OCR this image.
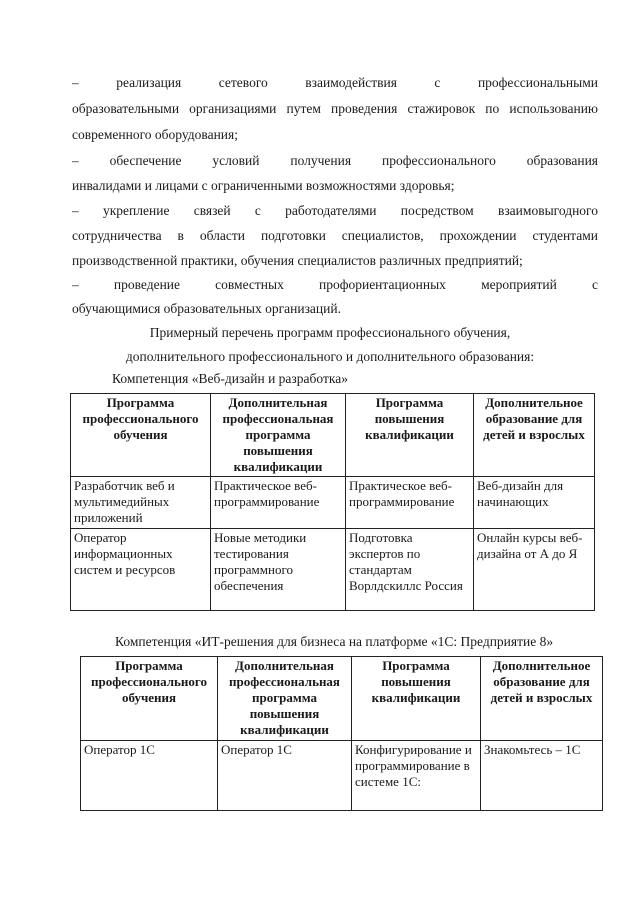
– реализация сетевого взаимодействия с профессиональными
образовательными организациями путем проведения стажировок по использованию
современного оборудования;
– обеспечение условий получения профессионального образования
инвалидами и лицами с ограниченными возможностями здоровья;
– укрепление связей с работодателями посредством взаимовыгодного
сотрудничества в области подготовки специалистов, прохождении студентами
производственной практики, обучения специалистов различных предприятий;
– проведение совместных профориентационных мероприятий с
обучающимися образовательных организаций.
Примерный перечень программ профессионального обучения,
дополнительного профессионального и дополнительного образования:
Компетенция «Веб-дизайн и разработка»
Программа профессионального обучения	Дополнительная профессиональная программа повышения квалификации	Программа повышения квалификации	Дополнительное образование для детей и взрослых
Разработчик веб и мультимедийных приложений	Практическое веб-программирование	Практическое веб-программирование	Веб-дизайн для начинающих
Оператор информационных систем и ресурсов	Новые методики тестирования программного обеспечения	Подготовка экспертов по стандартам Ворлдскиллс Россия	Онлайн курсы веб-дизайна от А до Я
Компетенция «ИТ-решения для бизнеса на платформе «1С: Предприятие 8»
Программа профессионального обучения	Дополнительная профессиональная программа повышения квалификации	Программа повышения квалификации	Дополнительное образование для детей и взрослых
Оператор 1С	Оператор 1С	Конфигурирование и программирование в системе 1С:	Знакомьтесь – 1С
